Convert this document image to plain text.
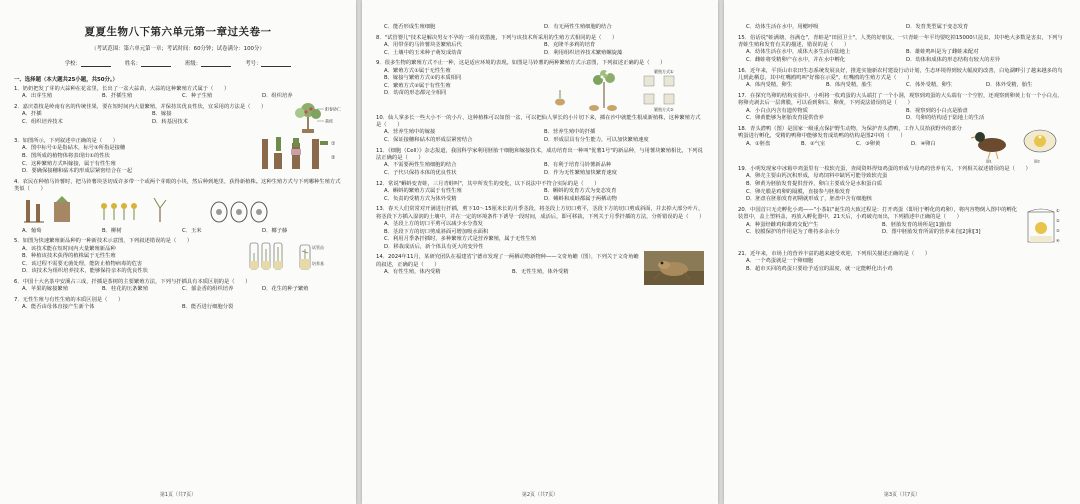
夏夏生物八下第六单元第一章过关卷一
（考试范围：第六单元第一章；考试时间：60分钟；试卷满分：100分）
学校：	姓名：	班级：	考号：
一、选择题（本大题共25小题，共50分。）
1．奶奶把发了芽的大蒜种在花盆里，长出了一盆大蒜苗，大蒜的这种繁殖方式属于（　　）
A．出芽生殖	B．扦插生殖	C．种子生殖	D．组织培养
2．嘉庆荔枝是岭南有名的传统佳果，要在短时间内大量繁殖，并保持其优良性状，宜采用的方法是（　　）
A．扦插	B．嫁接
C．组织培养技术	D．转基因技术
阳春砂仁
荔枝
3．如图所示，下列叙述中正确的是（　　）
A．图中标号①是指砧木，标号②所指是接穗
B．图所成的植物体将表现出①的性状
C．这种繁殖方式叫嫁接，属于有性生殖
D．要确保接穗和砧木的形成层紧密结合在一起
①
②
4．农民在种植马铃薯时，把马铃薯块茎切成许多带一个或两个芽眼的小块，然后种到地里，获得新植株。这种生殖方式与下列哪种生殖方式类似（　　）
A．葡萄	B．柳树	C．玉米	D．椰子藤
5．如图为快速繁殖新品种的一种新技术示意图，下列叙述错误的是（　　）
A．该技术能在短时间内大量繁殖新品种
B．种植该技术获得的植株属于无性生殖
C．该过程不需要无菌处理，能防止植物病毒的危害
D．该技术为组织培养技术，能够保持亲本的优良性状
试管苗
培养基
6．中国十大名茶中安溪占三成，扦插是茶树的主要繁殖方法，下列与扦插具有本质区别的是（　　）
A．苹果的嫁接繁殖	B．桂花的压条繁殖	C．郁金香的组织培养	D．花生的种子繁殖
7．无性生殖与有性生殖的本质区别是（　　）
A．能否由母体直接产生新个体	B．能否进行细胞分裂
第1页（共7页）
C．能否形成生殖细胞	D．有无两性生殖细胞的结合
8．"试管婴儿"技术是解决男女不孕的一项有效措施，下列与该技术所采用的生殖方式相同的是（　　）
A．用带芽的马铃薯块茎繁殖后代	B．克隆羊多莉的培育
C．土壤中的玉米种子萌发成幼苗	D．利用组织培养技术繁殖螺旋藻
9．很多生物的繁殖方式不止一种，这是适应环境的表现。如图是马铃薯的两种繁殖方式示意图，下列叙述正确的是（　　）
A．繁殖方式①属于无性生殖
B．嫁接与繁殖方式②的本质相同
C．繁殖方式②属于有性生殖
D．幼苗的形态都完全相同
繁殖方式①
繁殖方式②
10．仙人掌多长一些大小不一的小片，这种植株可以如图一盆，可以把仙人掌长的小片切下来，插在沙中就能生根成新植株，这种繁殖方式是（　　）
A．营养生殖中的嫁接	B．营养生殖中的扦插
C．保证接穗和砧木的形成层紧密结合	D．形成层具有分生能力，可以加快繁殖速度
11．《细胞（Cell）》杂志报道，我国科学家利用胚胎干细胞和嫁接技术，成功培育出一种叫"优薯1号"的新品种，与用薯块繁殖相比，下列说法正确的是（　　）
A．不需要两性生殖细胞的结合	B．有利于培育马铃薯新品种
C．子代只保持本体的优良性状	D．作为无性繁殖加快繁育速度
12．常说"蝌蚪变青蛙，三月青蛙叫"，其中所发生的变化，以下说法中不符合实际的是（　　）
A．蝌蚪的繁殖方式属于有性生殖	B．蝌蚪的发育方式为变态发育
C．负责的受精方式为体外受精	D．蝌蚪和成蛙都属于两栖动物
13．春天人们常常对开满进行扦插，剪下10～15厘米长的月季茎段，将茎段上方切口剪平，茎段下方的切口剪成斜面，并去掉大部分叶片，将茎段下方插入湿润的土壤中，并在一定的环境条件下诱导一段时间，成活后，即可移栽，下列关于月季扦插的方法，分析错误的是（　　）
A．茎段上方的切口平剪可以减少水分蒸发
B．茎段下方的切口剪成斜面可增加吸水面积
C．利用月季条扦插时，多种繁殖方式是营养繁殖，属于无性生殖
D．移栽成活后，新个体具有更大的变异性
14．2024年11月，某研究团队在福建省宁德市发现了一两栖动物新物种——文奇角蟾（图），下列关于文奇角蟾的叙述，正确的是（　　）
A．有性生殖，体内受精	B．无性生殖，体外受精
第2页（共7页）
C．幼体生活在水中，用鳃呼吸	D．发育类型属于变态发育
15．俗话说"蛙满塘，谷满仓"，青蛙是"田园卫士"，人类的好朋友，一只青蛙一年平均要吃掉15000只昆虫，其中绝大多数是害虫，下列与青蛙生殖和发育有关的描述，错误的是（　　）
A．幼体生活在水中，成体大多生活在陆地上	B．雄蛙鸣叫是为了雌蛙来配对
C．雌蛙将受精卵产在水中，并在水中孵化	D．幼体和成体的形态结构有较大的差异
16．近年来，平顶山市农田生态系统发展良好，推进实施新农村建设行动计划，生态环境得到较大幅度的改善，白龟湖畔引了越来越多的鸟儿到此栖息，其中红嘴鸥鸣叫"好像在示爱"，红嘴鸥的生殖方式是（　　）
A．体内受精，卵生	B．体内受精，胎生	C．体外受精，卵生	D．体外受精，胎生
17．在探究鸟卵的结构实验中，小明将一枚鸡蛋的大头端打了一个小洞，观察到鸡蛋的大头端有一个空腔，还观察到卵黄上有一个小白点，将卵壳剥去后一层薄膜，可以看到卵白、卵黄，下列说法错误的是（　　）
A．小白点内含有遗传物质	B．视察到的小白点是胎盘
C．卵黄能够为胚胎发育提供营养	D．鸟卵的结构适于陆地上的生活
18．青头潜鸭（图）是国家一级重点保护野生动物，为保护青头潜鸭，工作人员拾获野外的部分鸭蛋进行孵化，受精的鸭卵中能够发育成幼鸭的结构是图2中的（　　）
A．①胚盘	B．②气室	C．③卵黄	D．④卵白
图1	图2
19．小明发现家中冰箱中鸡蛋里有一枚软壳蛋，查阅资料得知鸡蛋的形成与母鸡的营养有关，下列相关叙述错误的是（　　）
A．卵壳主要由钙沉积形成，母鸡饲料中缺钙可能导致软壳蛋
B．卵黄为胚胎发育提供营养，卵白主要成分是水和蛋白质
C．卵壳膜是鸡卵的隔膜，直接参与胚胎发育
D．胚盘在胚胎发育初期就形成了，胚盘中含有细胞核
20．中国首只无壳孵化小鸡——"小茶缸"诞生的大致过程是：打开鸡蛋（即用于孵化的鸡卵），将内容物倒入图中的孵化装置中，盖上塑料盖，再放入孵化器中，21天后，小鸡破壳而出，下列描述中正确的是（　　）
A．种蛋经雌鸡和雄鸡交配产生	B．胚胎发育的场所是[1]胎盘
C．胶膜保护的作用是为了维持多余水分	D．图中胚胎发育所需的营养来自[2]和[3]
①
②
③
④
21．近年来，市场上的营养丰富的越来越受欢迎，下列相关描述正确的是（　　）
A．一个鸡蛋就是一个卵细胞
B．超市买回的鸡蛋只要给予适宜的温度，就一定能孵化出小鸡
第3页（共7页）
